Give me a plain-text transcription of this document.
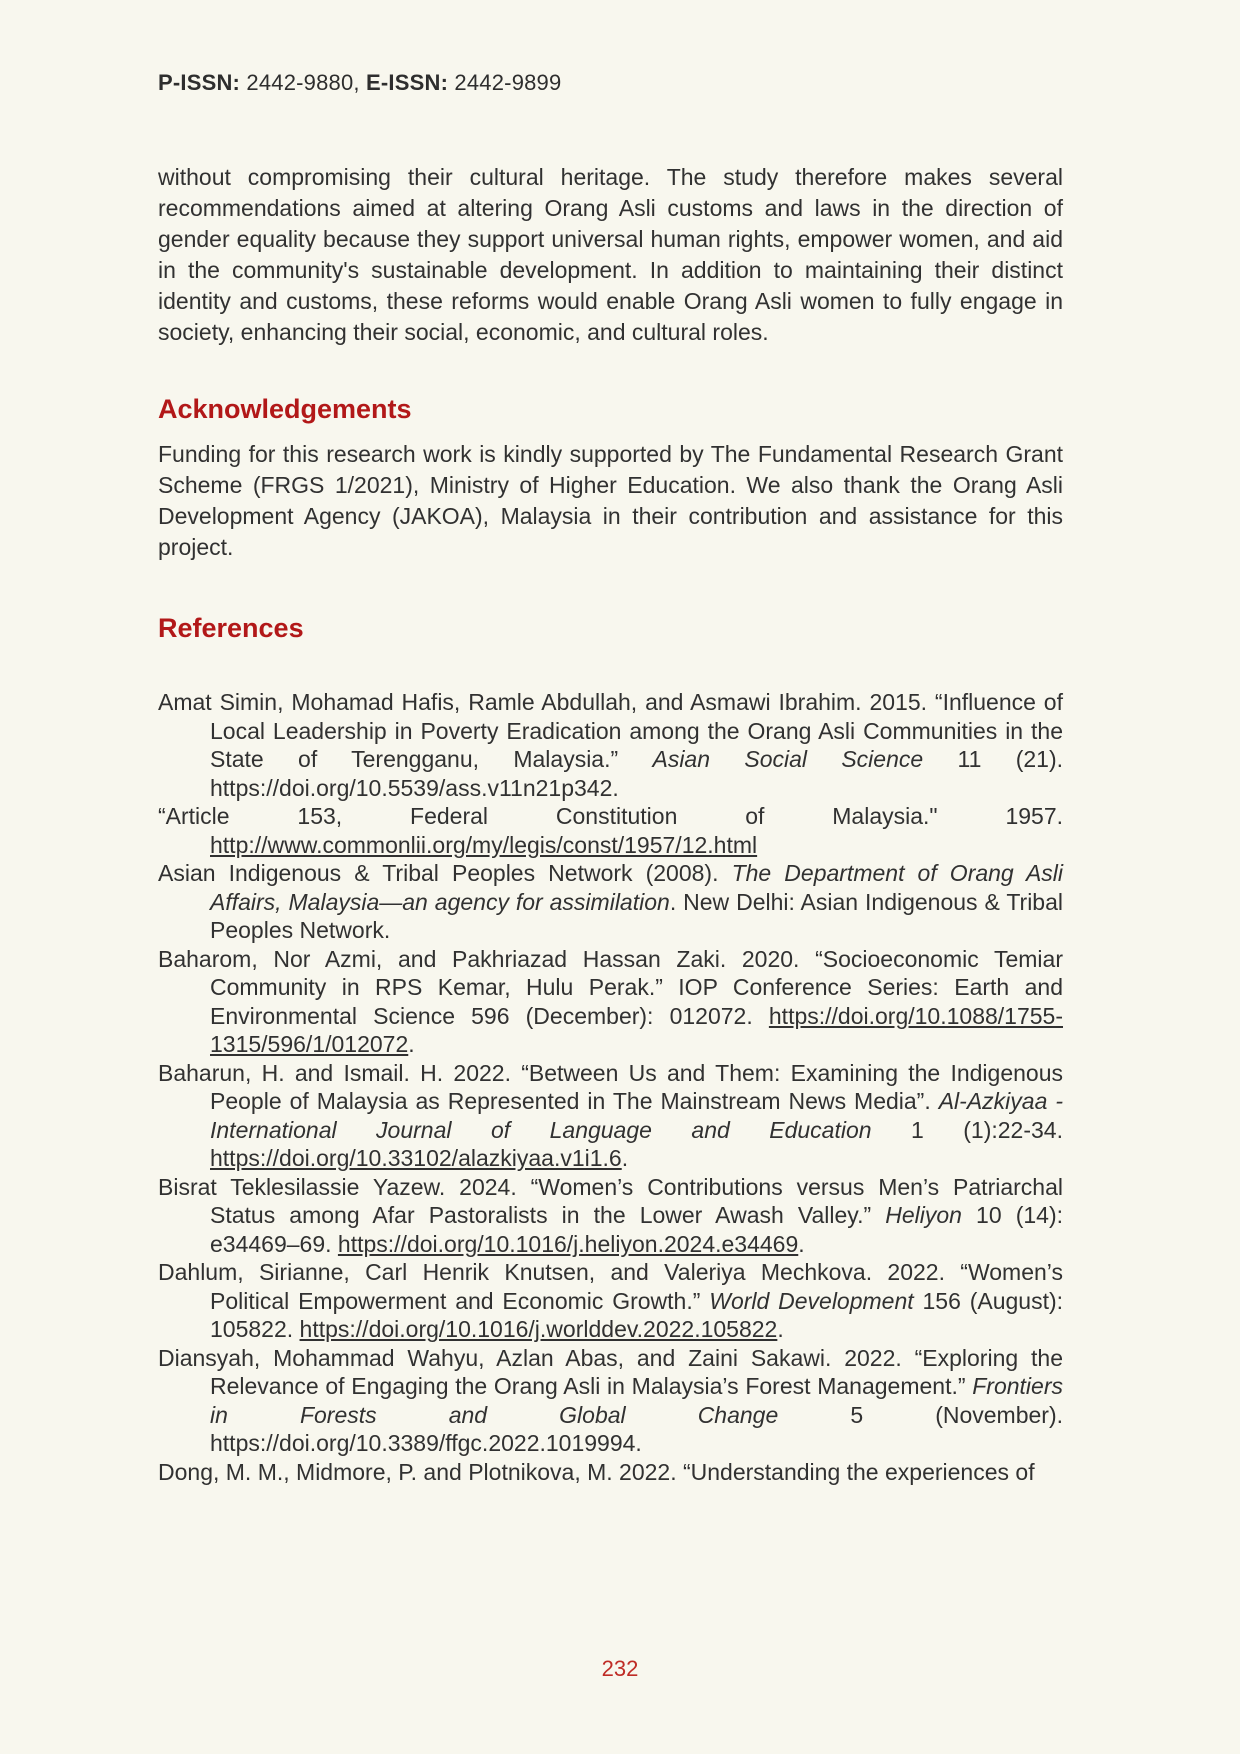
P-ISSN: 2442-9880, E-ISSN: 2442-9899

without compromising their cultural heritage. The study therefore makes several recommendations aimed at altering Orang Asli customs and laws in the direction of gender equality because they support universal human rights, empower women, and aid in the community's sustainable development. In addition to maintaining their distinct identity and customs, these reforms would enable Orang Asli women to fully engage in society, enhancing their social, economic, and cultural roles.

Acknowledgements

Funding for this research work is kindly supported by The Fundamental Research Grant Scheme (FRGS 1/2021), Ministry of Higher Education. We also thank the Orang Asli Development Agency (JAKOA), Malaysia in their contribution and assistance for this project.

References

Amat Simin, Mohamad Hafis, Ramle Abdullah, and Asmawi Ibrahim. 2015. “Influence of Local Leadership in Poverty Eradication among the Orang Asli Communities in the State of Terengganu, Malaysia.” Asian Social Science 11 (21). https://doi.org/10.5539/ass.v11n21p342.

“Article 153, Federal Constitution of Malaysia." 1957. http://www.commonlii.org/my/legis/const/1957/12.html

Asian Indigenous & Tribal Peoples Network (2008). The Department of Orang Asli Affairs, Malaysia—an agency for assimilation. New Delhi: Asian Indigenous & Tribal Peoples Network.

Baharom, Nor Azmi, and Pakhriazad Hassan Zaki. 2020. “Socioeconomic Temiar Community in RPS Kemar, Hulu Perak.” IOP Conference Series: Earth and Environmental Science 596 (December): 012072. https://doi.org/10.1088/1755-1315/596/1/012072.

Baharun, H. and Ismail. H. 2022. “Between Us and Them: Examining the Indigenous People of Malaysia as Represented in The Mainstream News Media”. Al-Azkiyaa - International Journal of Language and Education 1 (1):22-34. https://doi.org/10.33102/alazkiyaa.v1i1.6.

Bisrat Teklesilassie Yazew. 2024. “Women’s Contributions versus Men’s Patriarchal Status among Afar Pastoralists in the Lower Awash Valley.” Heliyon 10 (14): e34469–69. https://doi.org/10.1016/j.heliyon.2024.e34469.

Dahlum, Sirianne, Carl Henrik Knutsen, and Valeriya Mechkova. 2022. “Women’s Political Empowerment and Economic Growth.” World Development 156 (August): 105822. https://doi.org/10.1016/j.worlddev.2022.105822.

Diansyah, Mohammad Wahyu, Azlan Abas, and Zaini Sakawi. 2022. “Exploring the Relevance of Engaging the Orang Asli in Malaysia’s Forest Management.” Frontiers in Forests and Global Change 5 (November). https://doi.org/10.3389/ffgc.2022.1019994.

Dong, M. M., Midmore, P. and Plotnikova, M. 2022. “Understanding the experiences of

232
